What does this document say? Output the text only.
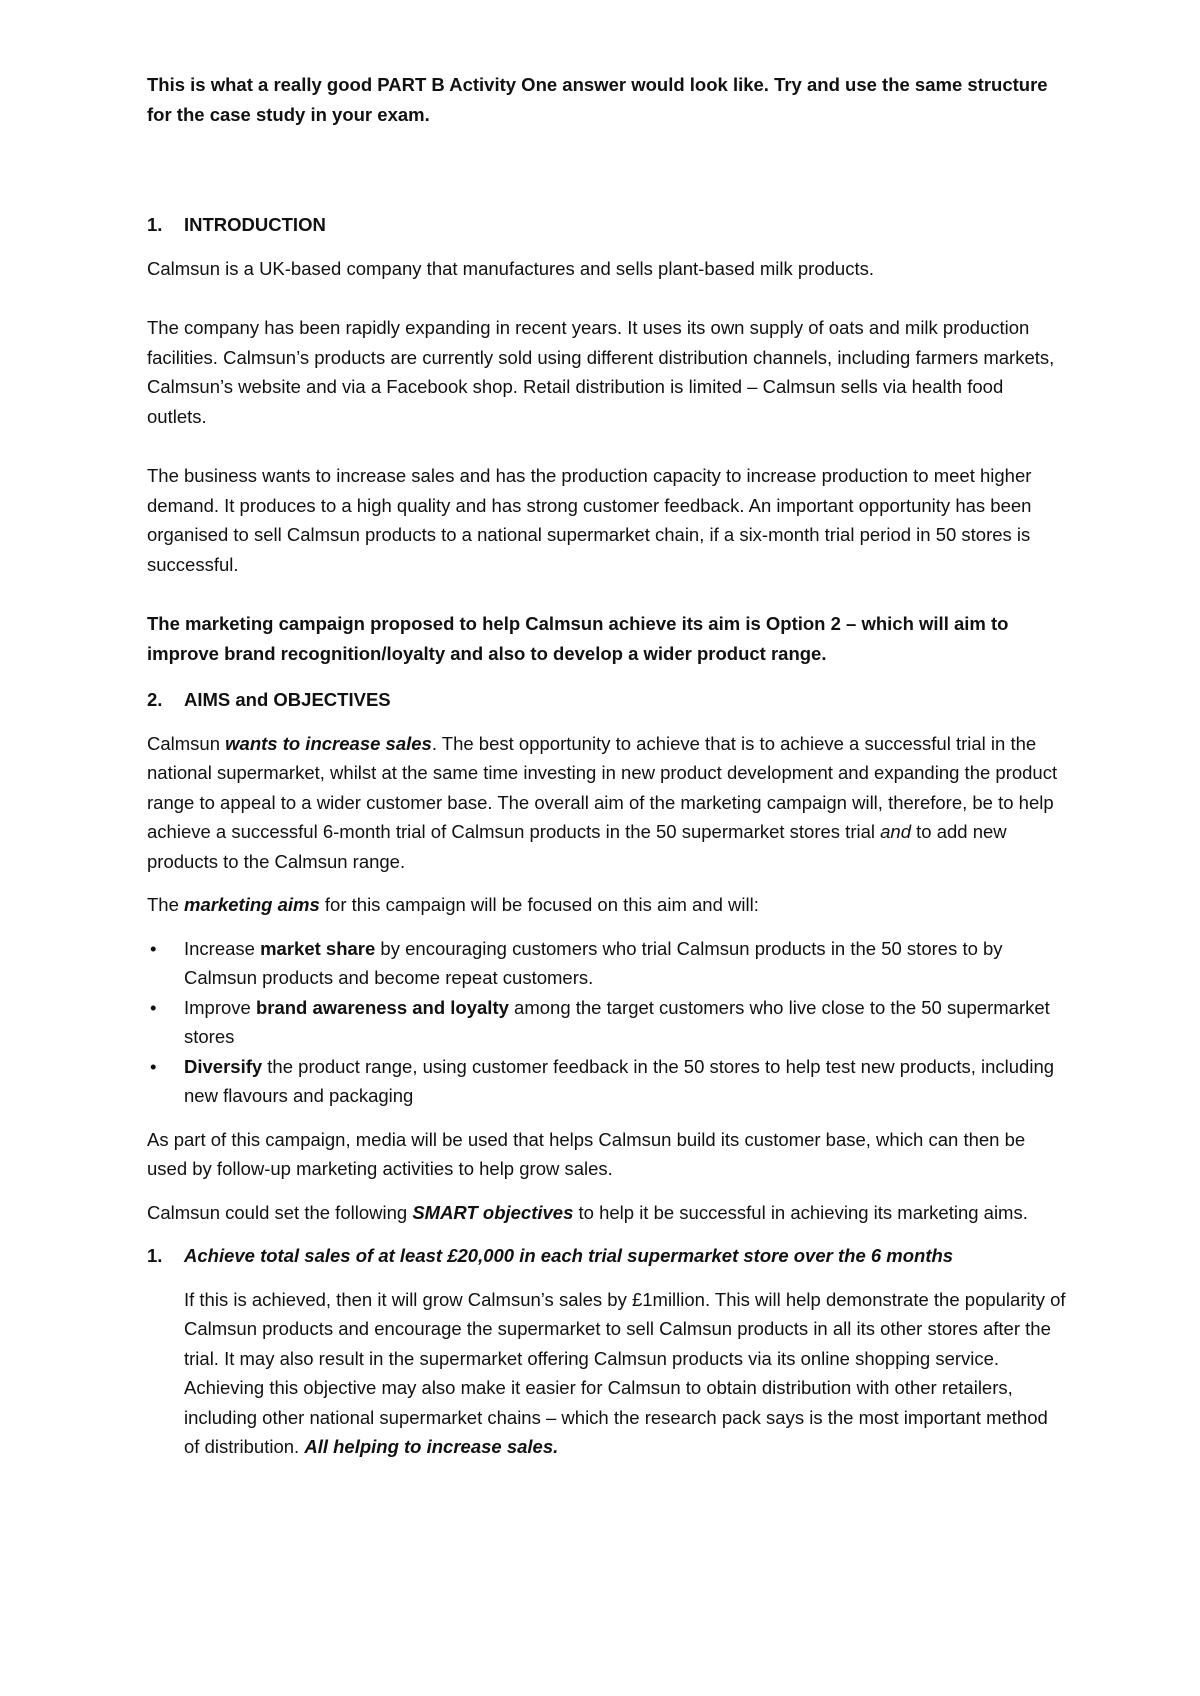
This is what a really good PART B Activity One answer would look like. Try and use the same structure for the case study in your exam.

1.	INTRODUCTION

Calmsun is a UK-based company that manufactures and sells plant-based milk products.

The company has been rapidly expanding in recent years. It uses its own supply of oats and milk production facilities. Calmsun’s products are currently sold using different distribution channels, including farmers markets, Calmsun’s website and via a Facebook shop. Retail distribution is limited – Calmsun sells via health food outlets.

The business wants to increase sales and has the production capacity to increase production to meet higher demand. It produces to a high quality and has strong customer feedback. An important opportunity has been organised to sell Calmsun products to a national supermarket chain, if a six-month trial period in 50 stores is successful.

The marketing campaign proposed to help Calmsun achieve its aim is Option 2 – which will aim to improve brand recognition/loyalty and also to develop a wider product range.

2.	AIMS and OBJECTIVES

Calmsun wants to increase sales. The best opportunity to achieve that is to achieve a successful trial in the national supermarket, whilst at the same time investing in new product development and expanding the product range to appeal to a wider customer base. The overall aim of the marketing campaign will, therefore, be to help achieve a successful 6-month trial of Calmsun products in the 50 supermarket stores trial and to add new products to the Calmsun range.

The marketing aims for this campaign will be focused on this aim and will:

• Increase market share by encouraging customers who trial Calmsun products in the 50 stores to by Calmsun products and become repeat customers.
• Improve brand awareness and loyalty among the target customers who live close to the 50 supermarket stores
• Diversify the product range, using customer feedback in the 50 stores to help test new products, including new flavours and packaging

As part of this campaign, media will be used that helps Calmsun build its customer base, which can then be used by follow-up marketing activities to help grow sales.

Calmsun could set the following SMART objectives to help it be successful in achieving its marketing aims.

1.	Achieve total sales of at least £20,000 in each trial supermarket store over the 6 months

If this is achieved, then it will grow Calmsun’s sales by £1million. This will help demonstrate the popularity of Calmsun products and encourage the supermarket to sell Calmsun products in all its other stores after the trial. It may also result in the supermarket offering Calmsun products via its online shopping service. Achieving this objective may also make it easier for Calmsun to obtain distribution with other retailers, including other national supermarket chains – which the research pack says is the most important method of distribution. All helping to increase sales.
